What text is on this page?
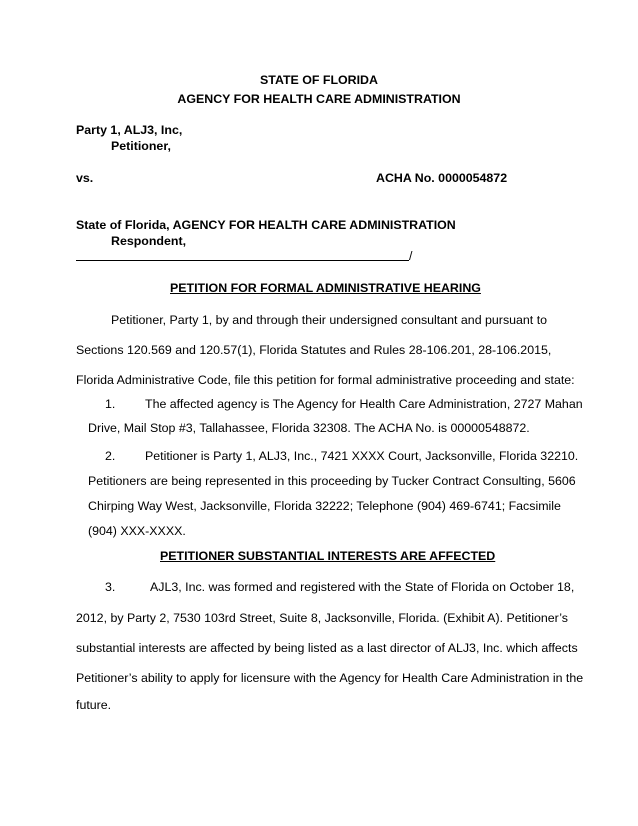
STATE OF FLORIDA
AGENCY FOR HEALTH CARE ADMINISTRATION
Party 1, ALJ3, Inc,
Petitioner,
vs.	ACHA No. 0000054872
State of Florida, AGENCY FOR HEALTH CARE ADMINISTRATION
Respondent,
/
PETITION FOR FORMAL ADMINISTRATIVE HEARING
Petitioner, Party 1, by and through their undersigned consultant and pursuant to
Sections 120.569 and 120.57(1), Florida Statutes and Rules 28-106.201, 28-106.2015,
Florida Administrative Code, file this petition for formal administrative proceeding and state:
1. The affected agency is The Agency for Health Care Administration, 2727 Mahan
Drive, Mail Stop #3, Tallahassee, Florida 32308. The ACHA No. is 00000548872.
2. Petitioner is Party 1, ALJ3, Inc., 7421 XXXX Court, Jacksonville, Florida 32210.
Petitioners are being represented in this proceeding by Tucker Contract Consulting, 5606
Chirping Way West, Jacksonville, Florida 32222; Telephone (904) 469-6741; Facsimile
(904) XXX-XXXX.
PETITIONER SUBSTANTIAL INTERESTS ARE AFFECTED
3.	AJL3, Inc. was formed and registered with the State of Florida on October 18,
2012, by Party 2, 7530 103rd Street, Suite 8, Jacksonville, Florida. (Exhibit A). Petitioner’s
substantial interests are affected by being listed as a last director of ALJ3, Inc. which affects
Petitioner’s ability to apply for licensure with the Agency for Health Care Administration in the
future.
